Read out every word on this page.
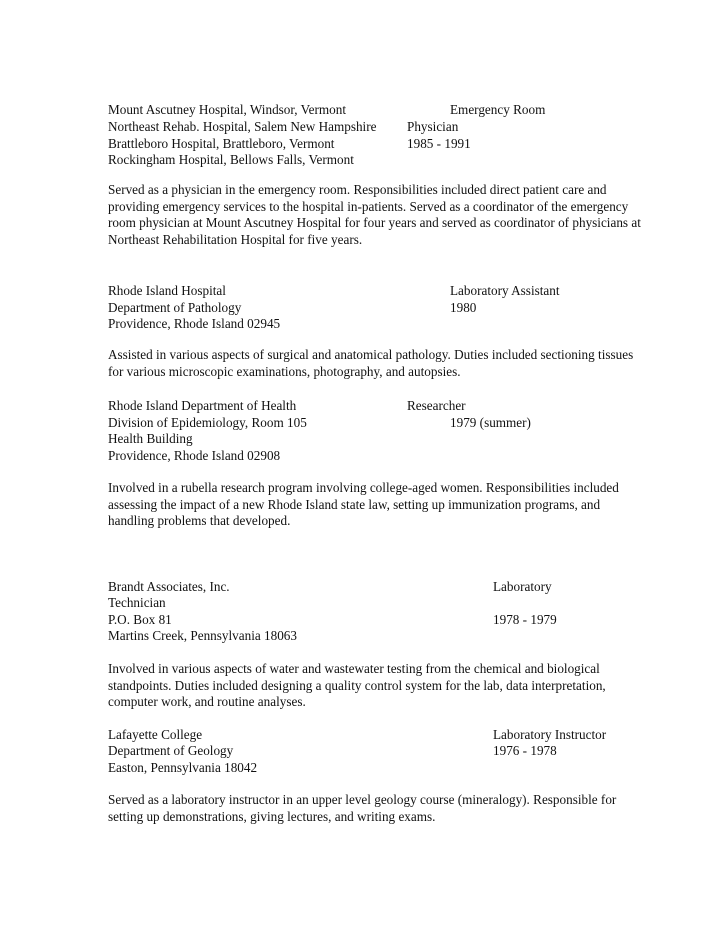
Mount Ascutney Hospital, Windsor, Vermont
Northeast Rehab. Hospital, Salem New Hampshire
Brattleboro Hospital, Brattleboro, Vermont
Rockingham Hospital, Bellows Falls, Vermont
Emergency Room
Physician
1985 - 1991
Served as a physician in the emergency room. Responsibilities included direct patient care and providing emergency services to the hospital in-patients. Served as a coordinator of the emergency room physician at Mount Ascutney Hospital for four years and served as coordinator of physicians at Northeast Rehabilitation Hospital for five years.
Rhode Island Hospital
Department of Pathology
Providence, Rhode Island 02945
Laboratory Assistant
1980
Assisted in various aspects of surgical and anatomical pathology. Duties included sectioning tissues for various microscopic examinations, photography, and autopsies.
Rhode Island Department of Health
Division of Epidemiology, Room 105
Health Building
Providence, Rhode Island 02908
Researcher
1979 (summer)
Involved in a rubella research program involving college-aged women. Responsibilities included assessing the impact of a new Rhode Island state law, setting up immunization programs, and handling problems that developed.
Brandt Associates, Inc.
Technician
P.O. Box 81
Martins Creek, Pennsylvania 18063
Laboratory
1978 - 1979
Involved in various aspects of water and wastewater testing from the chemical and biological standpoints. Duties included designing a quality control system for the lab, data interpretation, computer work, and routine analyses.
Lafayette College
Department of Geology
Easton, Pennsylvania 18042
Laboratory Instructor
1976 - 1978
Served as a laboratory instructor in an upper level geology course (mineralogy). Responsible for setting up demonstrations, giving lectures, and writing exams.
